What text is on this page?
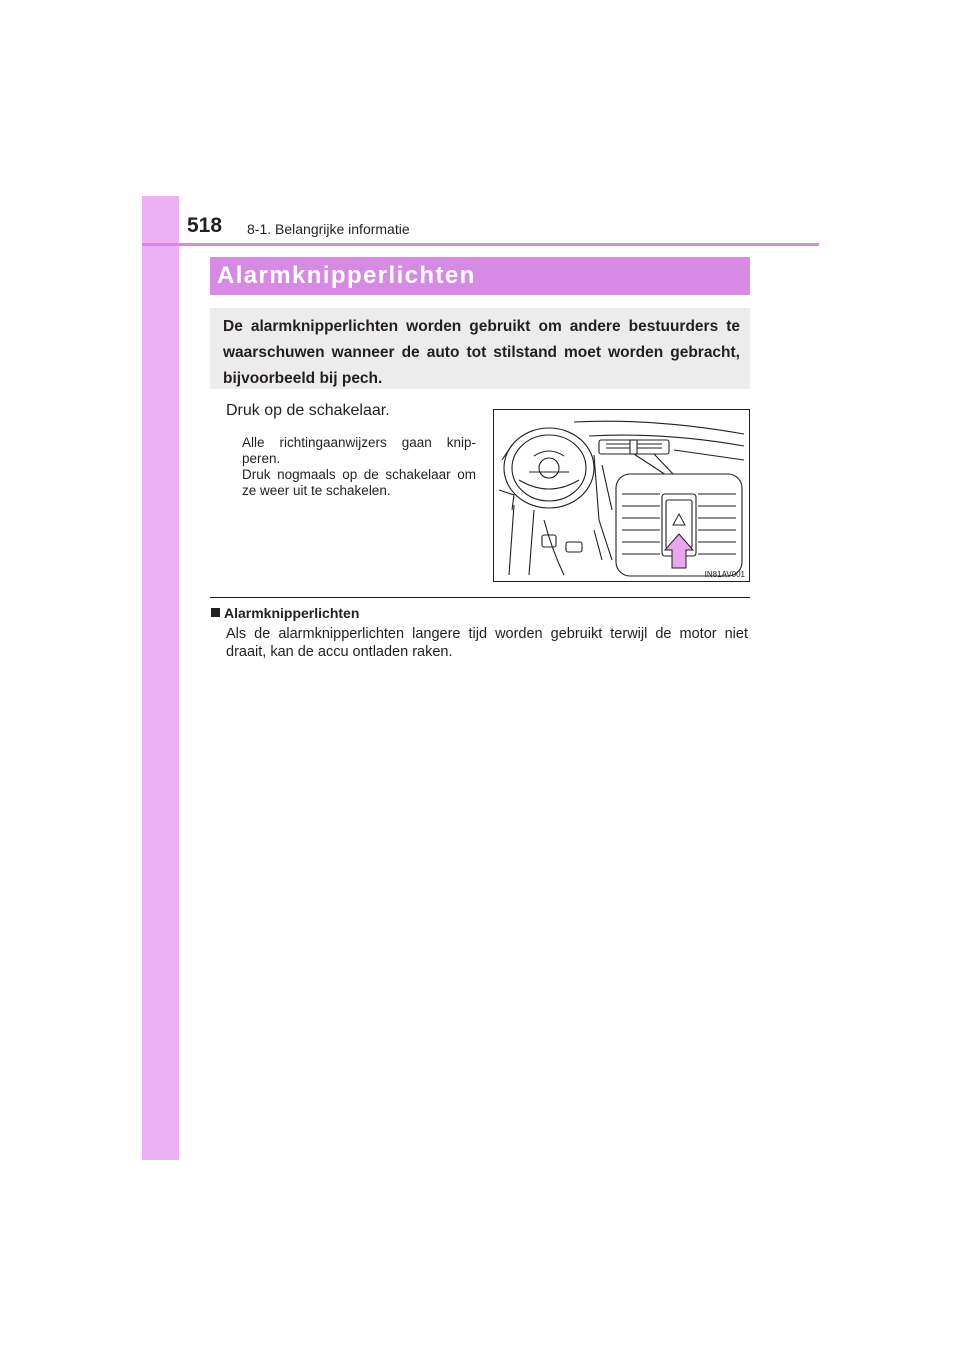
518 8-1. Belangrijke informatie
Alarmknipperlichten
De alarmknipperlichten worden gebruikt om andere bestuurders te waarschuwen wanneer de auto tot stilstand moet worden gebracht, bijvoorbeeld bij pech.
Druk op de schakelaar.

Alle richtingaanwijzers gaan knip-peren.

Druk nogmaals op de schakelaar om ze weer uit te schakelen.

IN81AV001
Alarmknipperlichten
Als de alarmknipperlichten langere tijd worden gebruikt terwijl de motor niet draait, kan de accu ontladen raken.
